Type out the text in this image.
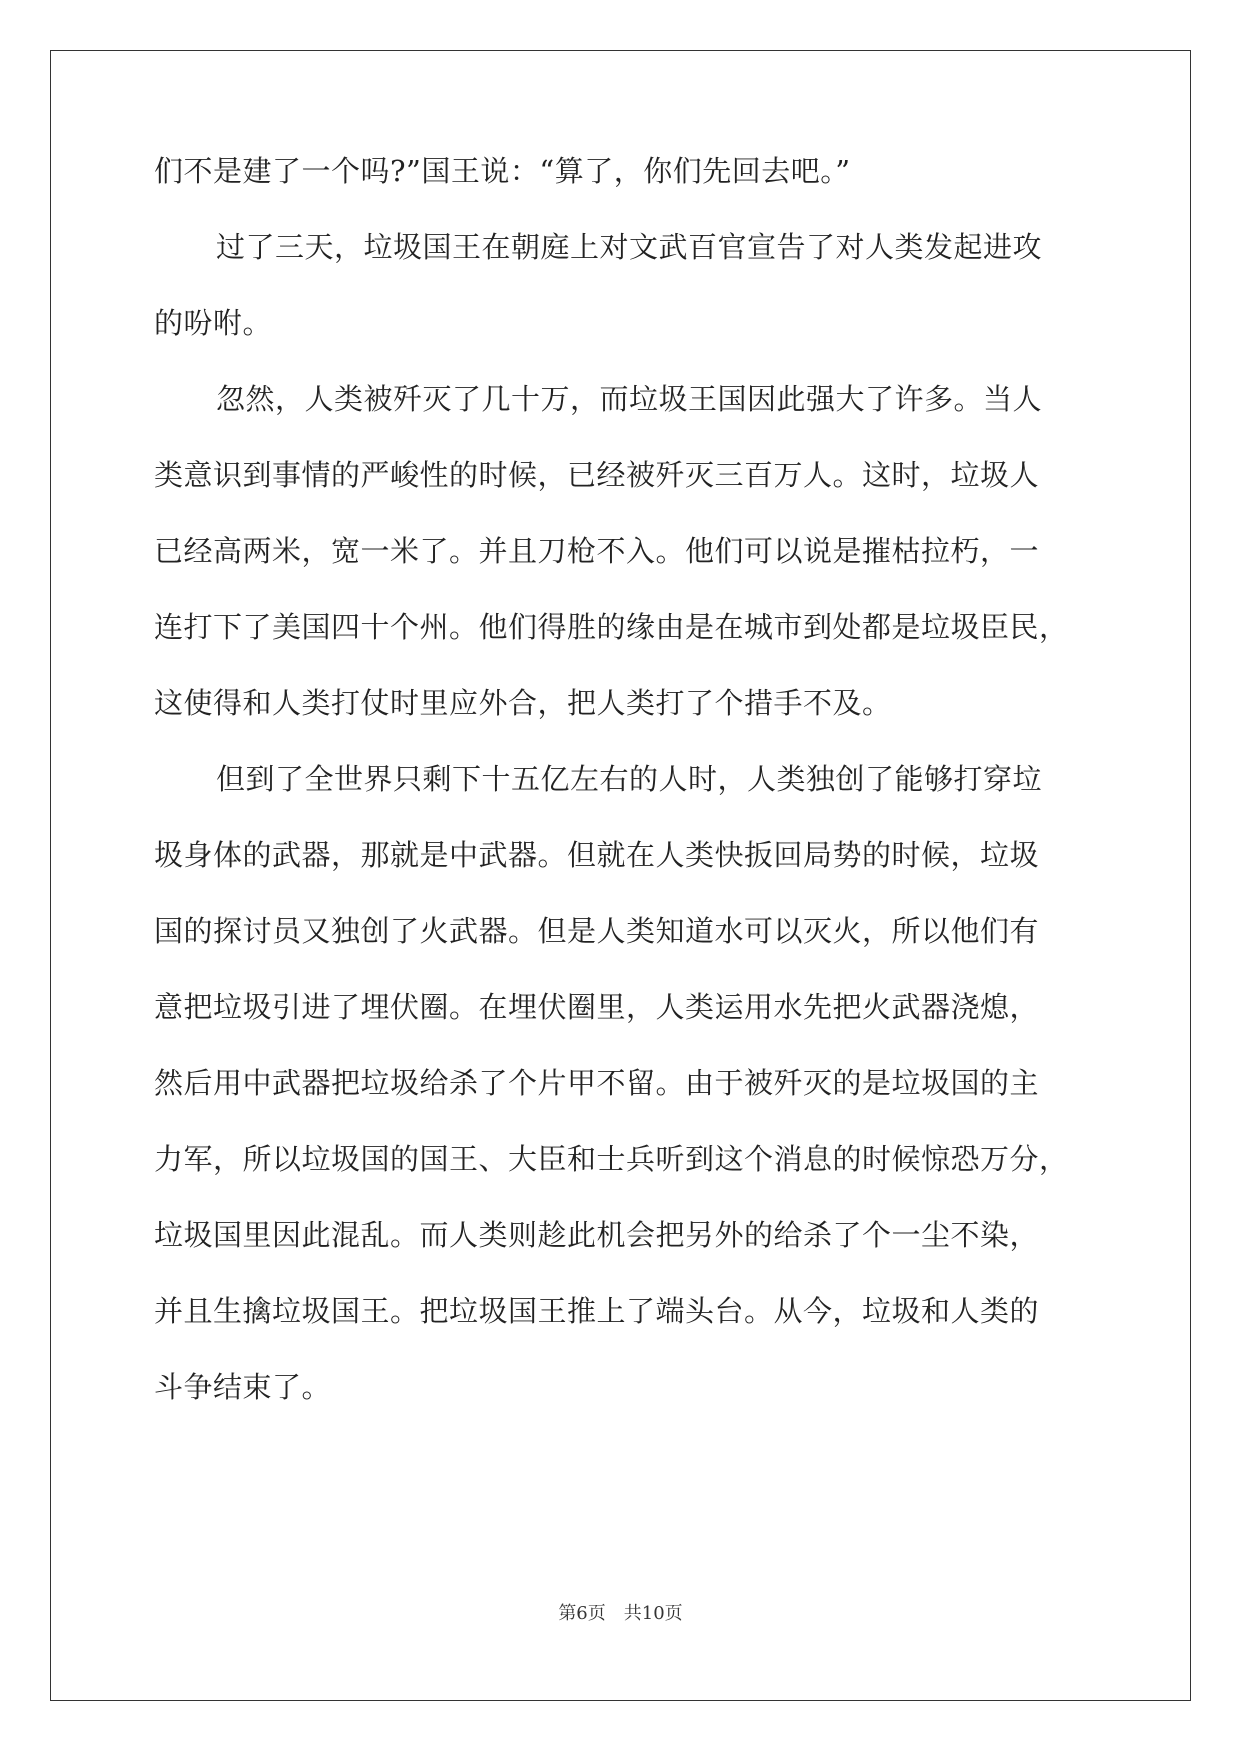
们不是建了一个吗?”国王说：“算了，你们先回去吧。”
过了三天，垃圾国王在朝庭上对文武百官宣告了对人类发起进攻
的吩咐。
忽然，人类被歼灭了几十万，而垃圾王国因此强大了许多。当人
类意识到事情的严峻性的时候，已经被歼灭三百万人。这时，垃圾人
已经高两米，宽一米了。并且刀枪不入。他们可以说是摧枯拉朽，一
连打下了美国四十个州。他们得胜的缘由是在城市到处都是垃圾臣民，
这使得和人类打仗时里应外合，把人类打了个措手不及。
但到了全世界只剩下十五亿左右的人时，人类独创了能够打穿垃
圾身体的武器，那就是中武器。但就在人类快扳回局势的时候，垃圾
国的探讨员又独创了火武器。但是人类知道水可以灭火，所以他们有
意把垃圾引进了埋伏圈。在埋伏圈里，人类运用水先把火武器浇熄，
然后用中武器把垃圾给杀了个片甲不留。由于被歼灭的是垃圾国的主
力军，所以垃圾国的国王、大臣和士兵听到这个消息的时候惊恐万分，
垃圾国里因此混乱。而人类则趁此机会把另外的给杀了个一尘不染，
并且生擒垃圾国王。把垃圾国王推上了端头台。从今，垃圾和人类的
斗争结束了。
第6页　共10页
